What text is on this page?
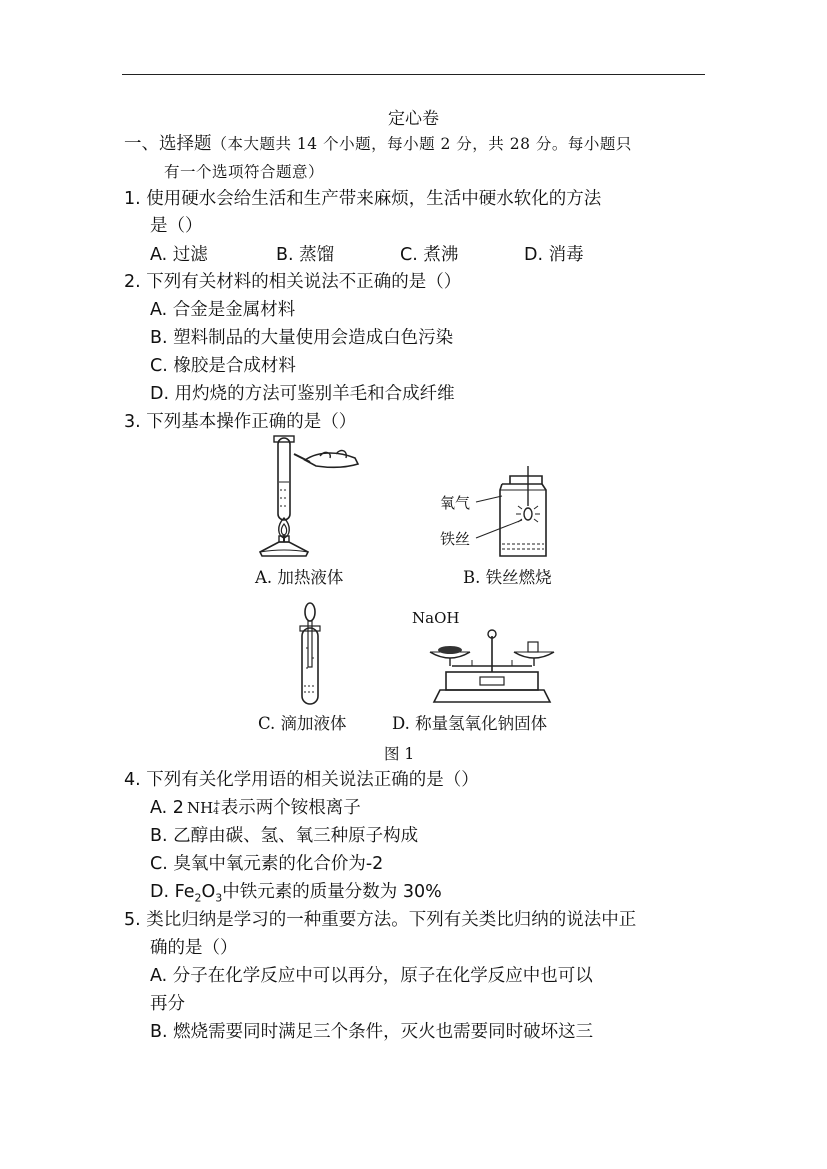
定心卷
一、选择题（本大题共 14 个小题，每小题 2 分，共 28 分。每小题只
有一个选项符合题意）
1. 使用硬水会给生活和生产带来麻烦，生活中硬水软化的方法
是（）
A. 过滤	B. 蒸馏	C. 煮沸	D. 消毒
2. 下列有关材料的相关说法不正确的是（）
A. 合金是金属材料
B. 塑料制品的大量使用会造成白色污染
C. 橡胶是合成材料
D. 用灼烧的方法可鉴别羊毛和合成纤维
3. 下列基本操作正确的是（）
A. 加热液体
氧气
铁丝
B. 铁丝燃烧
C. 滴加液体
NaOH
D. 称量氢氧化钠固体
图 1
4. 下列有关化学用语的相关说法正确的是（）
A. 2 NH +
4 表示两个铵根离子
B. 乙醇由碳、氢、氧三种原子构成
C. 臭氧中氧元素的化合价为-2
D. $Fe_2O_3$中铁元素的质量分数为 30%
5. 类比归纳是学习的一种重要方法。下列有关类比归纳的说法中正
确的是（）
A. 分子在化学反应中可以再分，原子在化学反应中也可以
再分
B. 燃烧需要同时满足三个条件，灭火也需要同时破坏这三
